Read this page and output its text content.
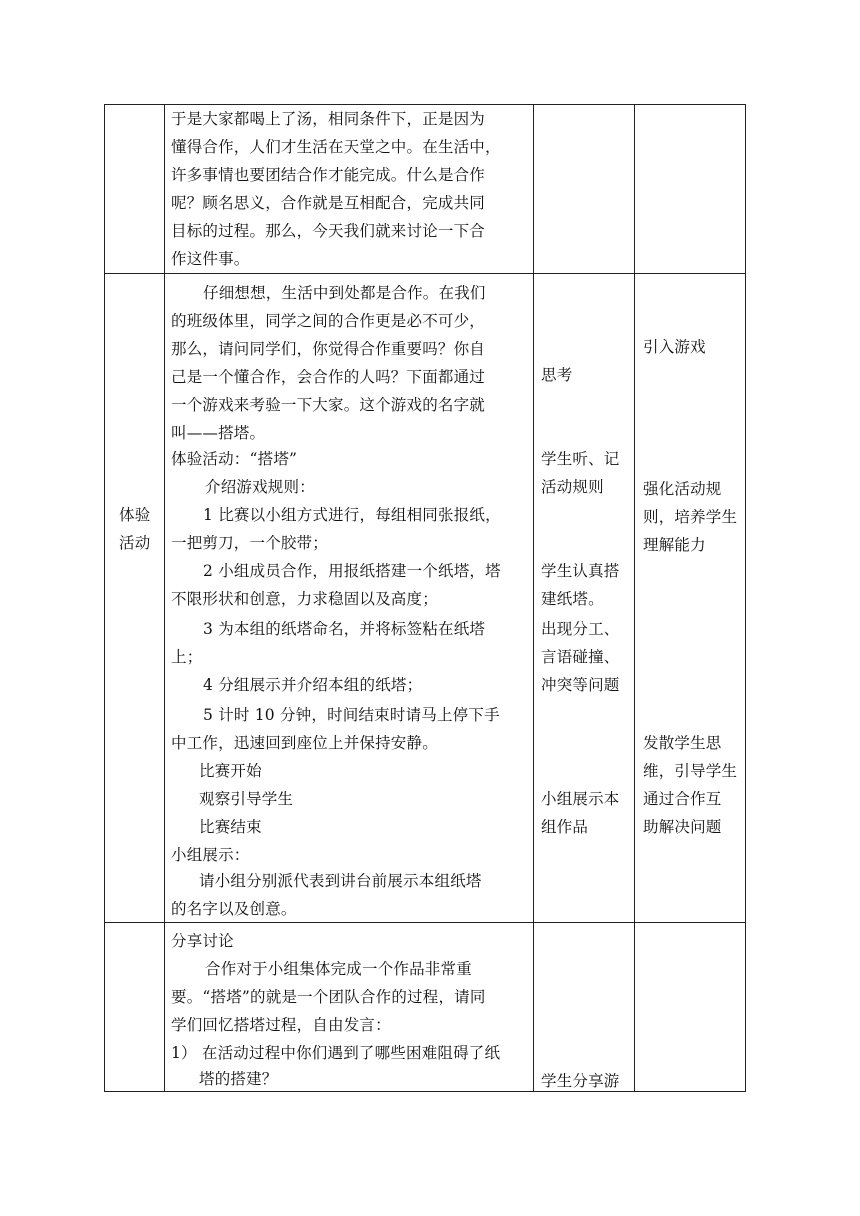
于是大家都喝上了汤，相同条件下，正是因为

懂得合作，人们才生活在天堂之中。在生活中，

许多事情也要团结合作才能完成。什么是合作

呢？顾名思义，合作就是互相配合，完成共同

目标的过程。那么，今天我们就来讨论一下合

作这件事。

体验

活动

仔细想想，生活中到处都是合作。在我们

的班级体里，同学之间的合作更是必不可少，

那么，请问同学们，你觉得合作重要吗？你自

己是一个懂合作，会合作的人吗？下面都通过

一个游戏来考验一下大家。这个游戏的名字就

叫——搭塔。

体验活动：“搭塔”

介绍游戏规则：

1 比赛以小组方式进行，每组相同张报纸，

一把剪刀，一个胶带；

2 小组成员合作，用报纸搭建一个纸塔，塔

不限形状和创意，力求稳固以及高度；

3 为本组的纸塔命名，并将标签粘在纸塔

上；

4 分组展示并介绍本组的纸塔；

5 计时 10 分钟，时间结束时请马上停下手

中工作，迅速回到座位上并保持安静。

比赛开始

观察引导学生

比赛结束

小组展示：

请小组分别派代表到讲台前展示本组纸塔

的名字以及创意。

思考

学生听、记

活动规则

学生认真搭

建纸塔。

出现分工、

言语碰撞、

冲突等问题

小组展示本

组作品

引入游戏

强化活动规

则，培养学生

理解能力

发散学生思

维，引导学生

通过合作互

助解决问题

分享讨论

合作对于小组集体完成一个作品非常重

要。“搭塔”的就是一个团队合作的过程，请同

学们回忆搭塔过程，自由发言：

1） 在活动过程中你们遇到了哪些困难阻碍了纸

塔的搭建？	学生分享游
